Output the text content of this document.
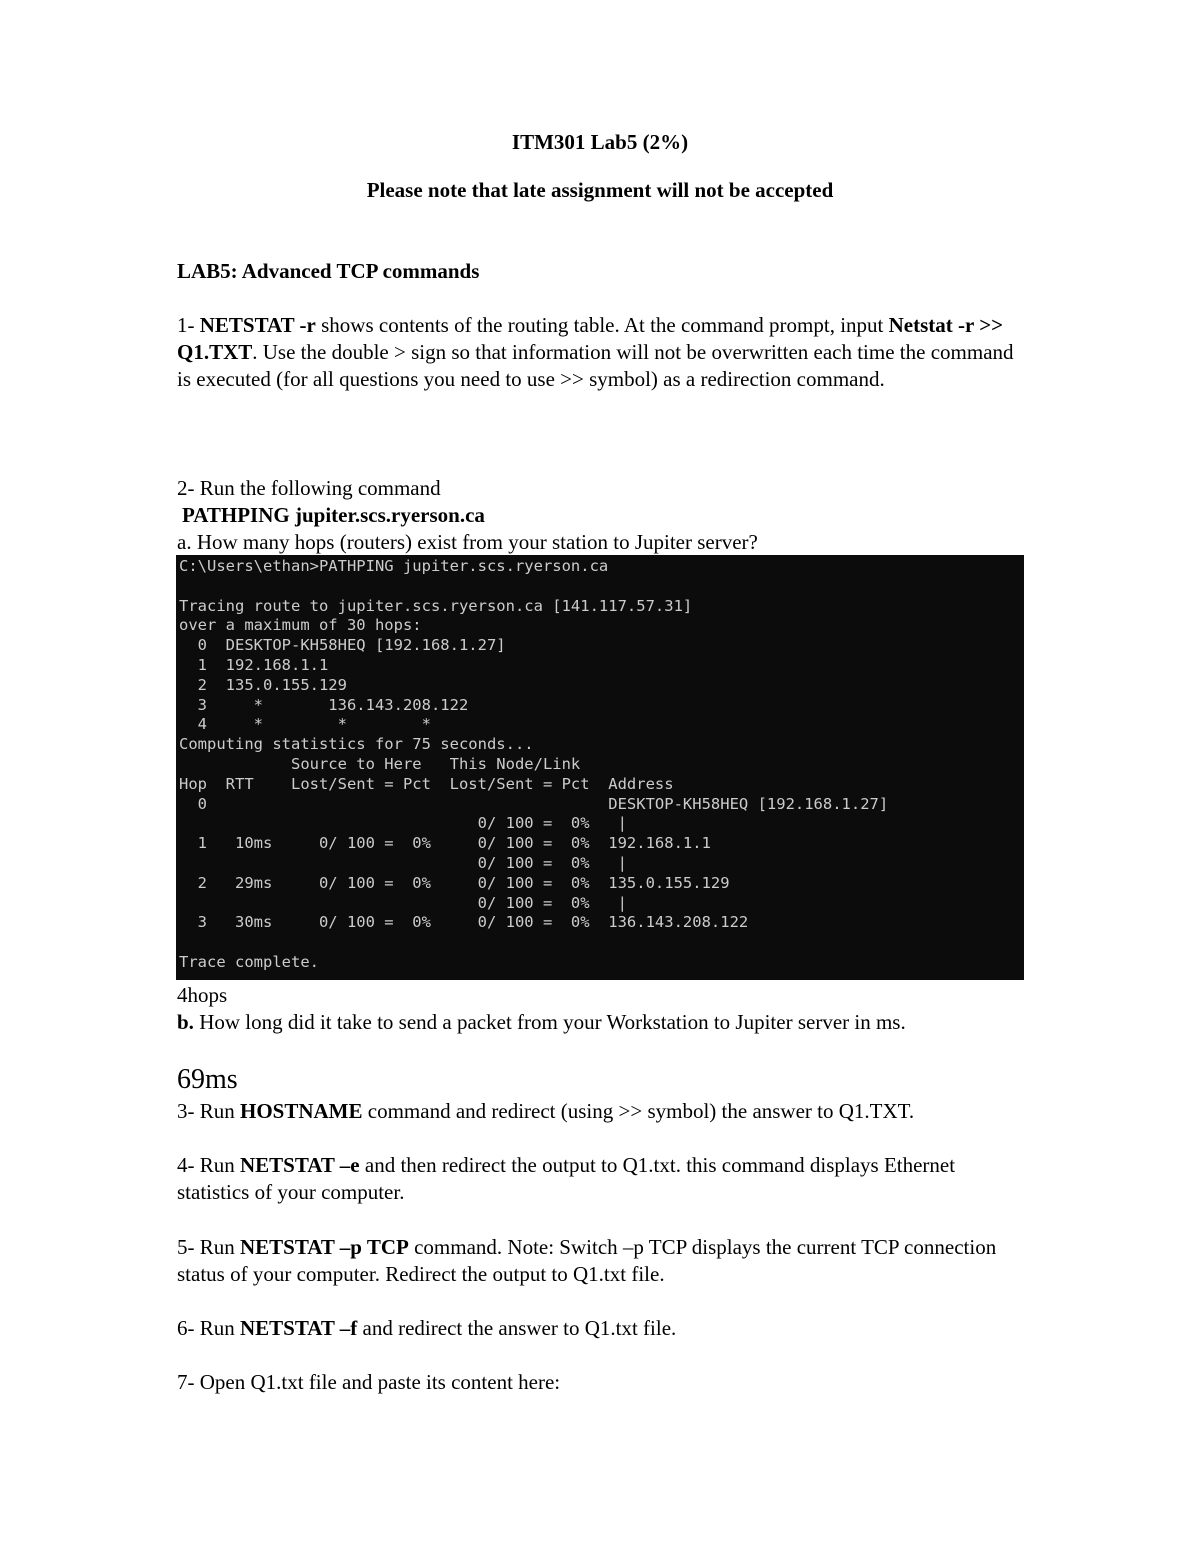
ITM301 Lab5 (2%)
Please note that late assignment will not be accepted
LAB5: Advanced TCP commands
1- NETSTAT -r shows contents of the routing table. At the command prompt, input Netstat -r >> Q1.TXT. Use the double > sign so that information will not be overwritten each time the command is executed (for all questions you need to use >> symbol) as a redirection command.
2- Run the following command
PATHPING jupiter.scs.ryerson.ca
a. How many hops (routers) exist from your station to Jupiter server?
C:\Users\ethan>PATHPING jupiter.scs.ryerson.ca

Tracing route to jupiter.scs.ryerson.ca [141.117.57.31]
over a maximum of 30 hops:
0  DESKTOP-KH58HEQ [192.168.1.27]
1  192.168.1.1
2  135.0.155.129
3     *       136.143.208.122
4     *        *        *
Computing statistics for 75 seconds...
Source to Here   This Node/Link
Hop  RTT    Lost/Sent = Pct  Lost/Sent = Pct  Address
0                                           DESKTOP-KH58HEQ [192.168.1.27]
0/ 100 =  0%   |
1   10ms     0/ 100 =  0%     0/ 100 =  0%  192.168.1.1
0/ 100 =  0%   |
2   29ms     0/ 100 =  0%     0/ 100 =  0%  135.0.155.129
0/ 100 =  0%   |
3   30ms     0/ 100 =  0%     0/ 100 =  0%  136.143.208.122

Trace complete.

4hops
b. How long did it take to send a packet from your Workstation to Jupiter server in ms.
69ms
3- Run HOSTNAME command and redirect (using >> symbol) the answer to Q1.TXT.
4- Run NETSTAT –e and then redirect the output to Q1.txt. this command displays Ethernet statistics of your computer.
5- Run NETSTAT –p TCP command. Note: Switch –p TCP displays the current TCP connection status of your computer. Redirect the output to Q1.txt file.
6- Run NETSTAT –f and redirect the answer to Q1.txt file.
7- Open Q1.txt file and paste its content here:
